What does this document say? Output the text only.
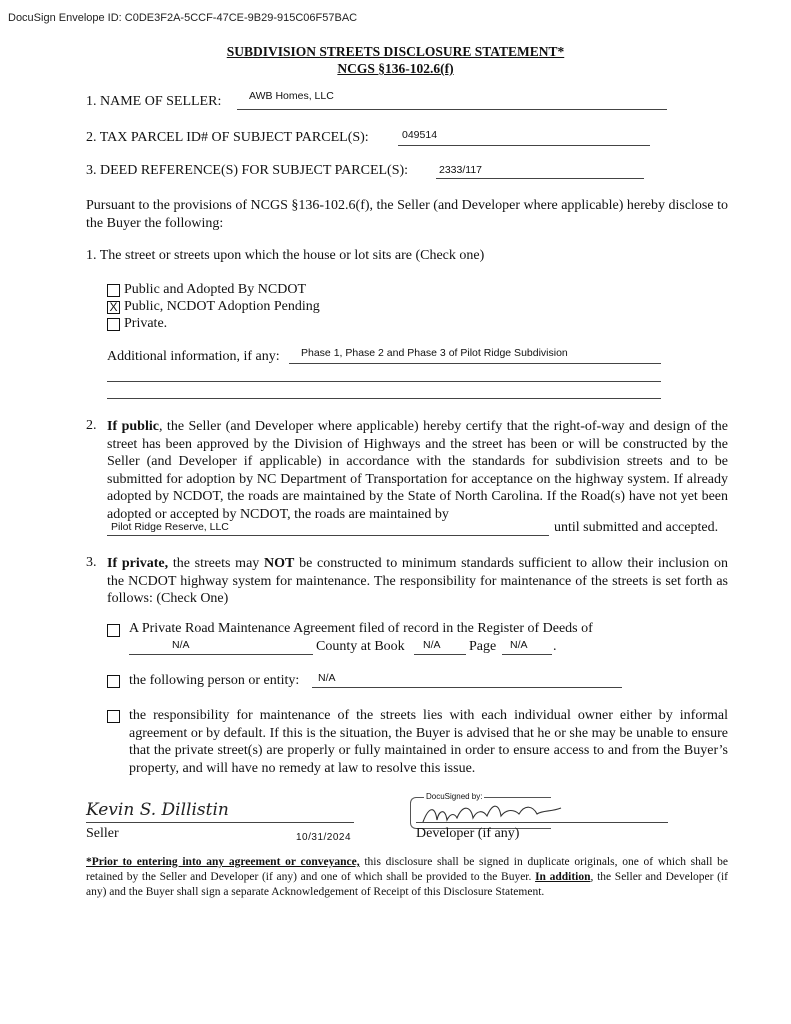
DocuSign Envelope ID: C0DE3F2A-5CCF-47CE-9B29-915C06F57BAC
SUBDIVISION STREETS DISCLOSURE STATEMENT*
NCGS §136-102.6(f)
1. NAME OF SELLER:	AWB Homes, LLC
2. TAX PARCEL ID# OF SUBJECT PARCEL(S):	049514
3. DEED REFERENCE(S) FOR SUBJECT PARCEL(S):	2333/117
Pursuant to the provisions of NCGS §136-102.6(f), the Seller (and Developer where applicable) hereby disclose to the Buyer the following:
1. The street or streets upon which the house or lot sits are (Check one)
Public and Adopted By NCDOT
X Public, NCDOT Adoption Pending
Private.
Additional information, if any: Phase 1, Phase 2 and Phase 3 of Pilot Ridge Subdivision
2. If public, the Seller (and Developer where applicable) hereby certify that the right-of-way and design of the street has been approved by the Division of Highways and the street has been or will be constructed by the Seller (and Developer if applicable) in accordance with the standards for subdivision streets and to be submitted for adoption by NC Department of Transportation for acceptance on the highway system. If already adopted by NCDOT, the roads are maintained by the State of North Carolina. If the Road(s) have not yet been adopted or accepted by NCDOT, the roads are maintained by
Pilot Ridge Reserve, LLC	until submitted and accepted.
3. If private, the streets may NOT be constructed to minimum standards sufficient to allow their inclusion on the NCDOT highway system for maintenance. The responsibility for maintenance of the streets is set forth as follows: (Check One)
A Private Road Maintenance Agreement filed of record in the Register of Deeds of
N/A	County at Book N/A Page N/A .
the following person or entity: N/A
the responsibility for maintenance of the streets lies with each individual owner either by informal agreement or by default. If this is the situation, the Buyer is advised that he or she may be unable to ensure that the private street(s) are properly or fully maintained in order to ensure access to and from the Buyer’s property, and will have no remedy at law to resolve this issue.
Kevin S. Dillistin
Seller	10/31/2024
DocuSigned by:
Developer (if any)
*Prior to entering into any agreement or conveyance, this disclosure shall be signed in duplicate originals, one of which shall be retained by the Seller and Developer (if any) and one of which shall be provided to the Buyer. In addition, the Seller and Developer (if any) and the Buyer shall sign a separate Acknowledgement of Receipt of this Disclosure Statement.
